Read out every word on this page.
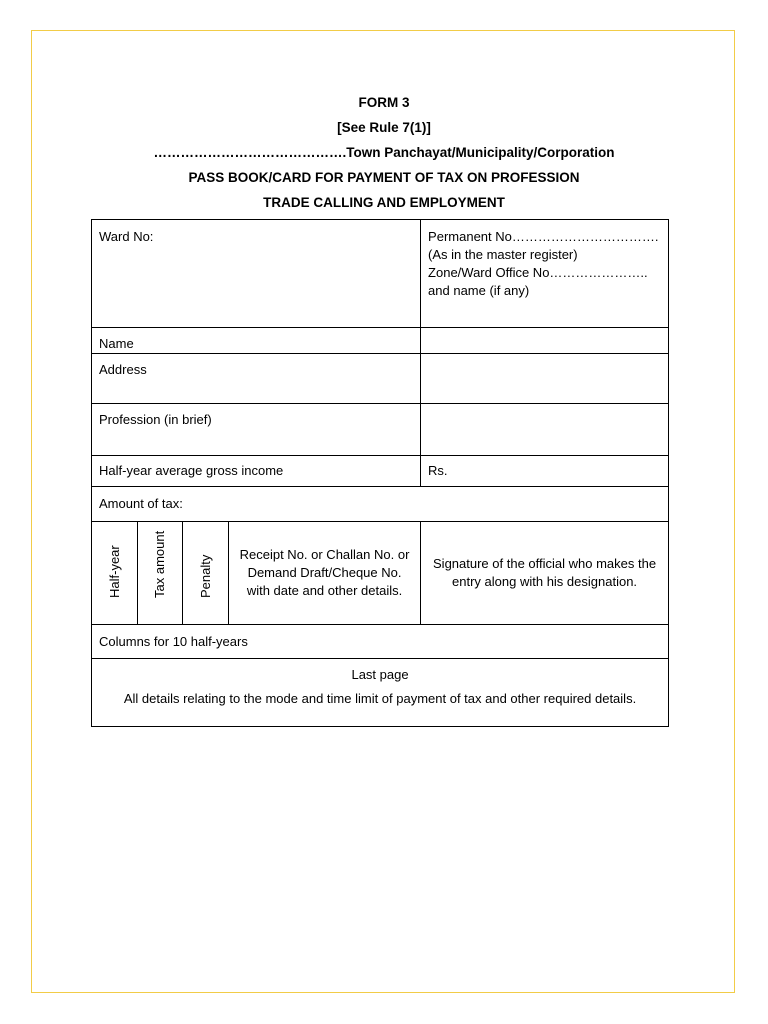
FORM 3
[See Rule 7(1)]
…………………………………….Town Panchayat/Municipality/Corporation
PASS BOOK/CARD FOR PAYMENT OF TAX ON PROFESSION
TRADE CALLING AND EMPLOYMENT
Ward No:				Permanent No…………………………….
(As in the master register)
Zone/Ward Office No…………………..
and name (if any)

Name				
Address				
Profession (in brief)				
Half-year average gross income				Rs.
Amount of tax:				

Half-year	Tax amount	Penalty	Receipt No. or Challan No. or Demand Draft/Cheque No. with date and other details.	Signature of the official who makes the entry along with his designation.
Columns for 10 half-years				

Last page
All details relating to the mode and time limit of payment of tax and other required details.				
